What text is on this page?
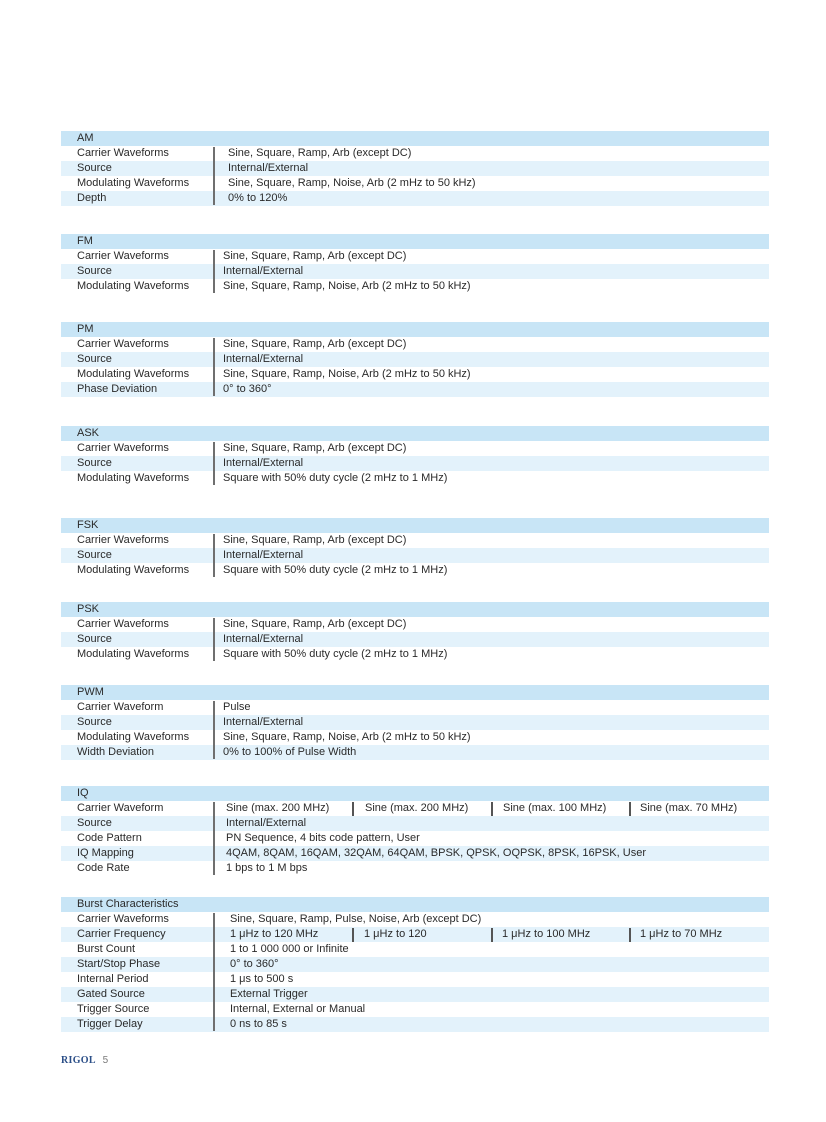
AM
Carrier Waveforms	Sine, Square, Ramp, Arb (except DC)
Source	Internal/External
Modulating Waveforms	Sine, Square, Ramp, Noise, Arb (2 mHz to 50 kHz)
Depth	0% to 120%
FM
Carrier Waveforms	Sine, Square, Ramp, Arb (except DC)
Source	Internal/External
Modulating Waveforms	Sine, Square, Ramp, Noise, Arb (2 mHz to 50 kHz)
PM
Carrier Waveforms	Sine, Square, Ramp, Arb (except DC)
Source	Internal/External
Modulating Waveforms	Sine, Square, Ramp, Noise, Arb (2 mHz to 50 kHz)
Phase Deviation	0° to 360°
ASK
Carrier Waveforms	Sine, Square, Ramp, Arb (except DC)
Source	Internal/External
Modulating Waveforms	Square with 50% duty cycle (2 mHz to 1 MHz)
FSK
Carrier Waveforms	Sine, Square, Ramp, Arb (except DC)
Source	Internal/External
Modulating Waveforms	Square with 50% duty cycle (2 mHz to 1 MHz)
PSK
Carrier Waveforms	Sine, Square, Ramp, Arb (except DC)
Source	Internal/External
Modulating Waveforms	Square with 50% duty cycle (2 mHz to 1 MHz)
PWM
Carrier Waveform	Pulse
Source	Internal/External
Modulating Waveforms	Sine, Square, Ramp, Noise, Arb (2 mHz to 50 kHz)
Width Deviation	0% to 100% of Pulse Width
IQ
Carrier Waveform	Sine (max. 200 MHz)	Sine (max. 200 MHz)	Sine (max. 100 MHz)	Sine (max. 70 MHz)
Source	Internal/External
Code Pattern	PN Sequence, 4 bits code pattern, User
IQ Mapping	4QAM, 8QAM, 16QAM, 32QAM, 64QAM, BPSK, QPSK, OQPSK, 8PSK, 16PSK, User
Code Rate	1 bps to 1 M bps
Burst Characteristics
Carrier Waveforms	Sine, Square, Ramp, Pulse, Noise, Arb (except DC)
Carrier Frequency	1 μHz to 120 MHz	1 μHz to 120	1 μHz to 100 MHz	1 μHz to 70 MHz
Burst Count	1 to 1 000 000 or Infinite
Start/Stop Phase	0° to 360°
Internal Period	1 μs to 500 s
Gated Source	External Trigger
Trigger Source	Internal, External or Manual
Trigger Delay	0 ns to 85 s
RIGOL 5
